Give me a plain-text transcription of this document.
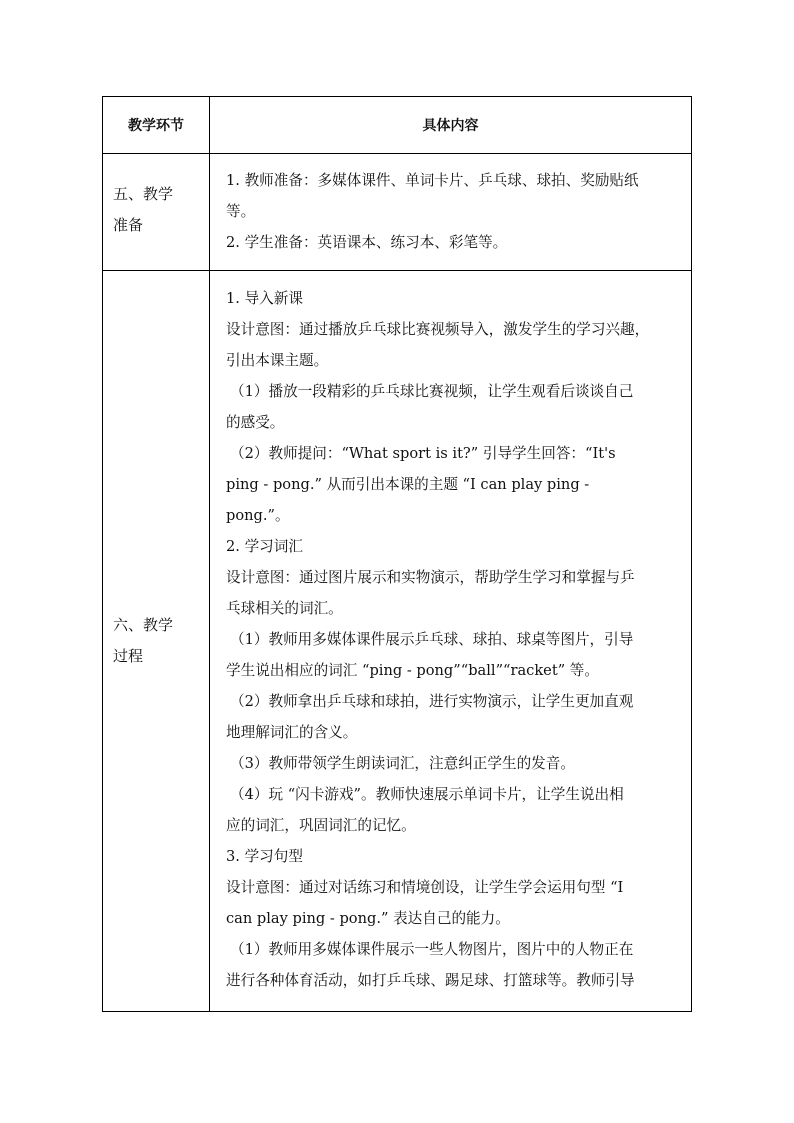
教学环节	具体内容
五、教学
准备
1. 教师准备：多媒体课件、单词卡片、乒乓球、球拍、奖励贴纸
等。
2. 学生准备：英语课本、练习本、彩笔等。
六、教学
过程
1. 导入新课
设计意图：通过播放乒乓球比赛视频导入，激发学生的学习兴趣，
引出本课主题。
（1）播放一段精彩的乒乓球比赛视频，让学生观看后谈谈自己
的感受。
（2）教师提问：“What sport is it?” 引导学生回答：“It's
ping - pong.” 从而引出本课的主题 “I can play ping -
pong.”。
2. 学习词汇
设计意图：通过图片展示和实物演示，帮助学生学习和掌握与乒
乓球相关的词汇。
（1）教师用多媒体课件展示乒乓球、球拍、球桌等图片，引导
学生说出相应的词汇 “ping - pong”“ball”“racket” 等。
（2）教师拿出乒乓球和球拍，进行实物演示，让学生更加直观
地理解词汇的含义。
（3）教师带领学生朗读词汇，注意纠正学生的发音。
（4）玩 “闪卡游戏”。教师快速展示单词卡片，让学生说出相
应的词汇，巩固词汇的记忆。
3. 学习句型
设计意图：通过对话练习和情境创设，让学生学会运用句型 “I
can play ping - pong.” 表达自己的能力。
（1）教师用多媒体课件展示一些人物图片，图片中的人物正在
进行各种体育活动，如打乒乓球、踢足球、打篮球等。教师引导
